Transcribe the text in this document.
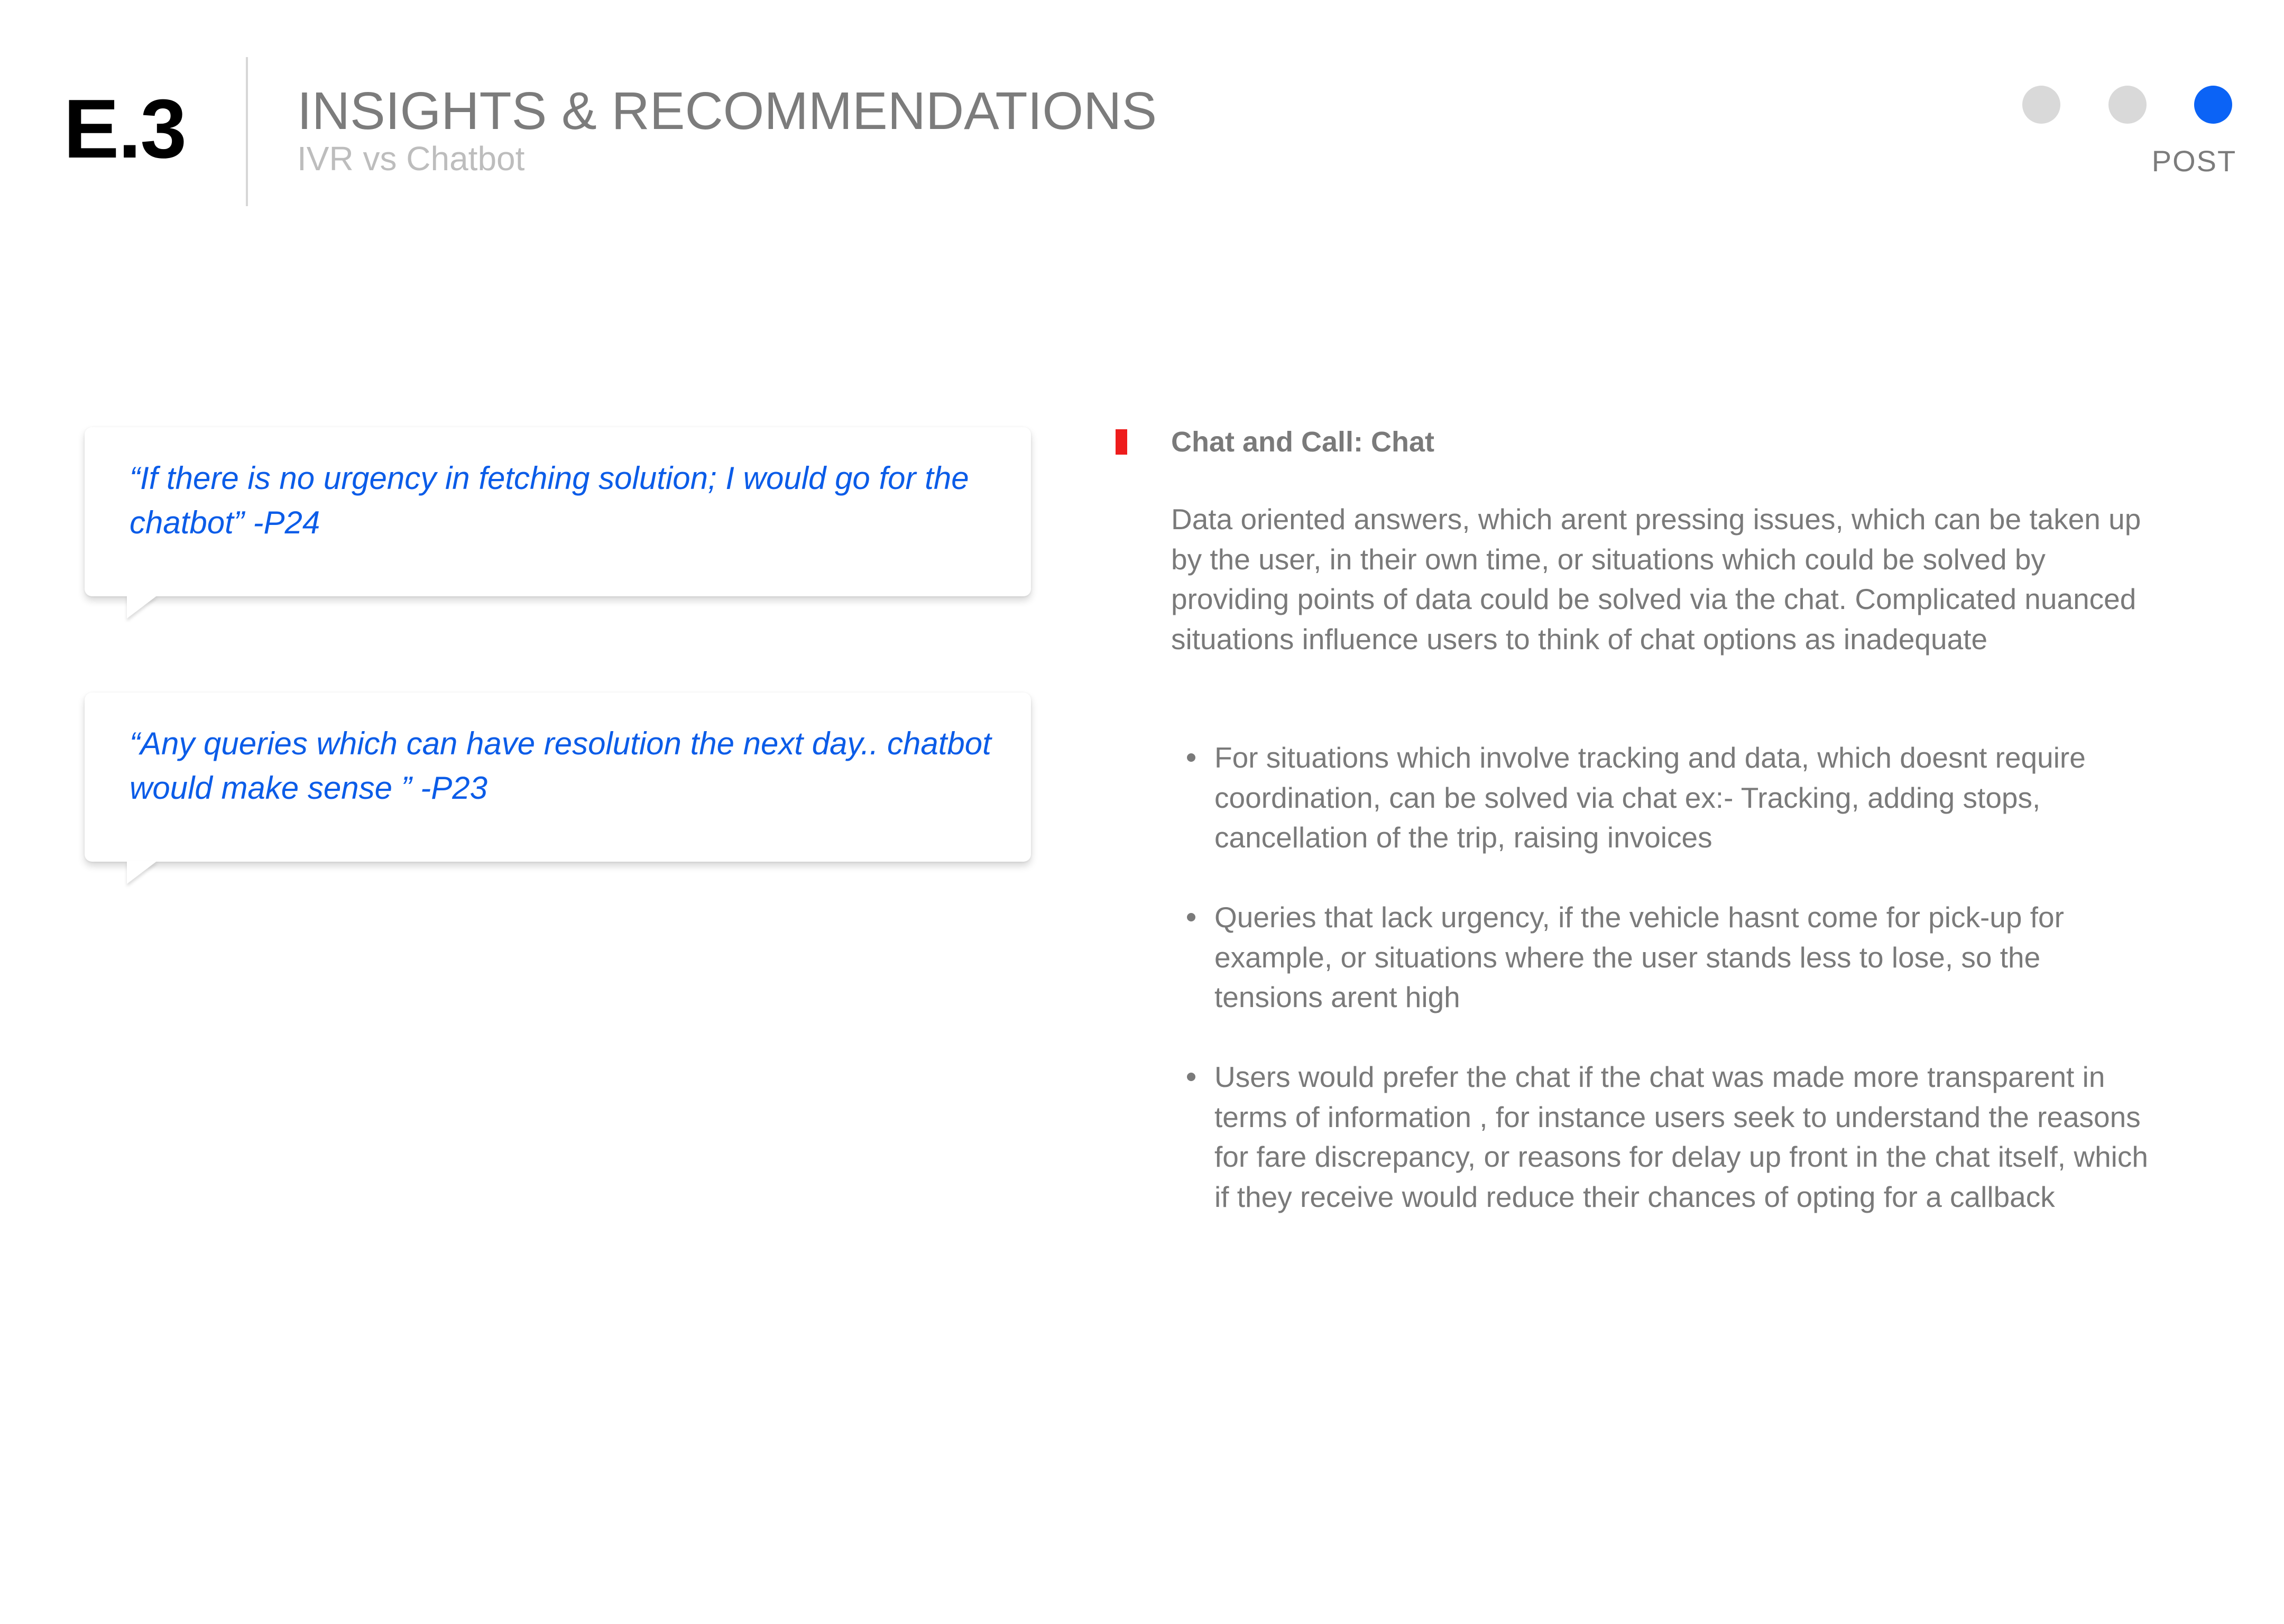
E.3 INSIGHTS & RECOMMENDATIONS
IVR vs Chatbot	POST
“If there is no urgency in fetching solution; I would go for the chatbot” -P24
“Any queries which can have resolution the next day.. chatbot would make sense ” -P23
Chat and Call: Chat
Data oriented answers, which arent pressing issues, which can be taken up by the user, in their own time, or situations which could be solved by providing points of data could be solved via the chat. Complicated nuanced situations influence users to think of chat options as inadequate
For situations which involve tracking and data, which doesnt require coordination, can be solved via chat ex:- Tracking, adding stops, cancellation of the trip, raising invoices
Queries that lack urgency, if the vehicle hasnt come for pick-up for example, or situations where the user stands less to lose, so the tensions arent high
Users would prefer the chat if the chat was made more transparent in terms of information , for instance users seek to understand the reasons for fare discrepancy, or reasons for delay up front in the chat itself, which if they receive would reduce their chances of opting for a callback
